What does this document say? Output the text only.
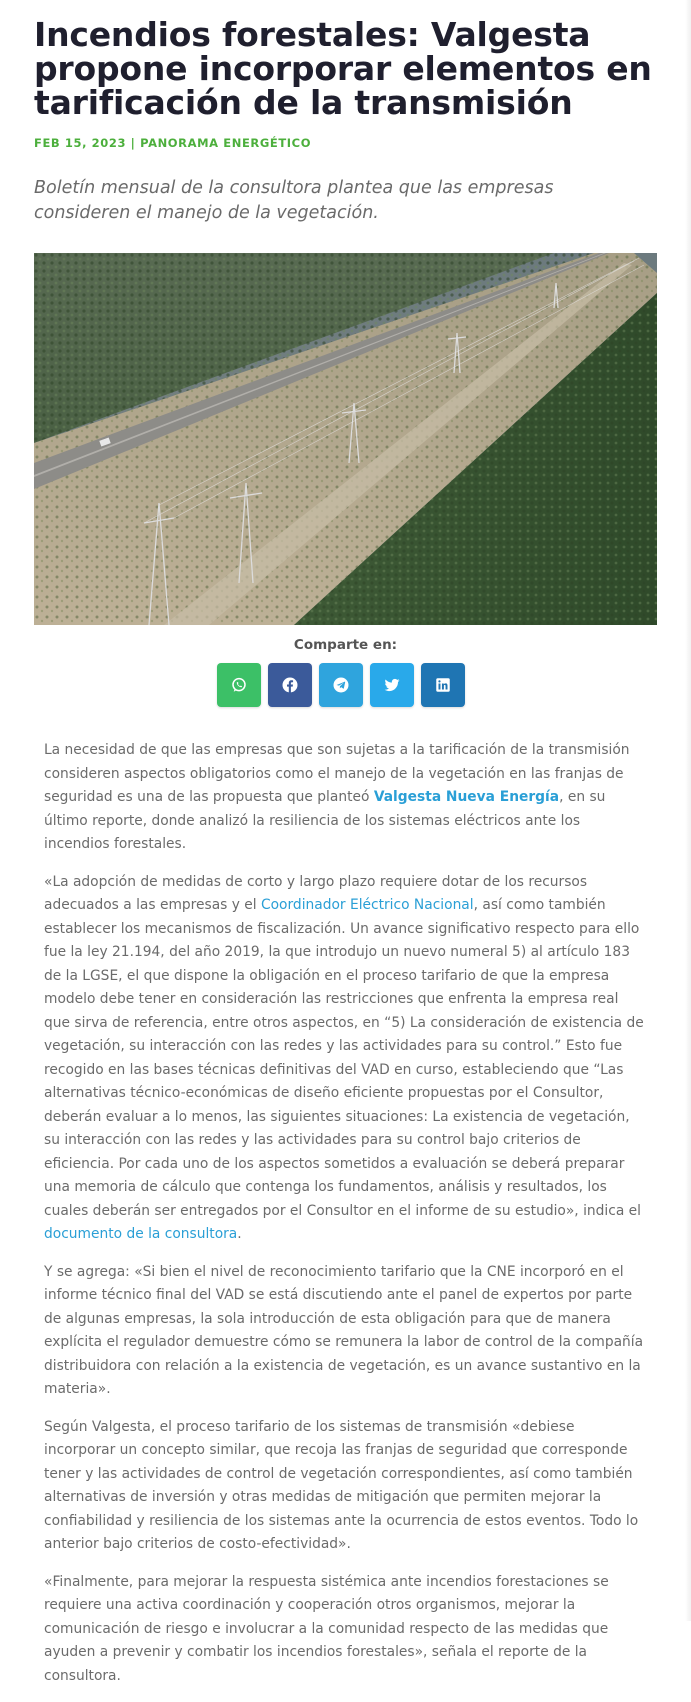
Incendios forestales: Valgesta propone incorporar elementos en tarificación de la transmisión
FEB 15, 2023 | PANORAMA ENERGÉTICO

Boletín mensual de la consultora plantea que las empresas consideren el manejo de la vegetación.

Comparte en:

La necesidad de que las empresas que son sujetas a la tarificación de la transmisión consideren aspectos obligatorios como el manejo de la vegetación en las franjas de seguridad es una de las propuesta que planteó Valgesta Nueva Energía, en su último reporte, donde analizó la resiliencia de los sistemas eléctricos ante los incendios forestales.

«La adopción de medidas de corto y largo plazo requiere dotar de los recursos adecuados a las empresas y el Coordinador Eléctrico Nacional, así como también establecer los mecanismos de fiscalización. Un avance significativo respecto para ello fue la ley 21.194, del año 2019, la que introdujo un nuevo numeral 5) al artículo 183 de la LGSE, el que dispone la obligación en el proceso tarifario de que la empresa modelo debe tener en consideración las restricciones que enfrenta la empresa real que sirva de referencia, entre otros aspectos, en “5) La consideración de existencia de vegetación, su interacción con las redes y las actividades para su control.” Esto fue recogido en las bases técnicas definitivas del VAD en curso, estableciendo que “Las alternativas técnico-económicas de diseño eficiente propuestas por el Consultor, deberán evaluar a lo menos, las siguientes situaciones: La existencia de vegetación, su interacción con las redes y las actividades para su control bajo criterios de eficiencia. Por cada uno de los aspectos sometidos a evaluación se deberá preparar una memoria de cálculo que contenga los fundamentos, análisis y resultados, los cuales deberán ser entregados por el Consultor en el informe de su estudio», indica el documento de la consultora.

Y se agrega: «Si bien el nivel de reconocimiento tarifario que la CNE incorporó en el informe técnico final del VAD se está discutiendo ante el panel de expertos por parte de algunas empresas, la sola introducción de esta obligación para que de manera explícita el regulador demuestre cómo se remunera la labor de control de la compañía distribuidora con relación a la existencia de vegetación, es un avance sustantivo en la materia».

Según Valgesta, el proceso tarifario de los sistemas de transmisión «debiese incorporar un concepto similar, que recoja las franjas de seguridad que corresponde tener y las actividades de control de vegetación correspondientes, así como también alternativas de inversión y otras medidas de mitigación que permiten mejorar la confiabilidad y resiliencia de los sistemas ante la ocurrencia de estos eventos. Todo lo anterior bajo criterios de costo-efectividad».

«Finalmente, para mejorar la respuesta sistémica ante incendios forestaciones se requiere una activa coordinación y cooperación otros organismos, mejorar la comunicación de riesgo e involucrar a la comunidad respecto de las medidas que ayuden a prevenir y combatir los incendios forestales», señala el reporte de la consultora.
